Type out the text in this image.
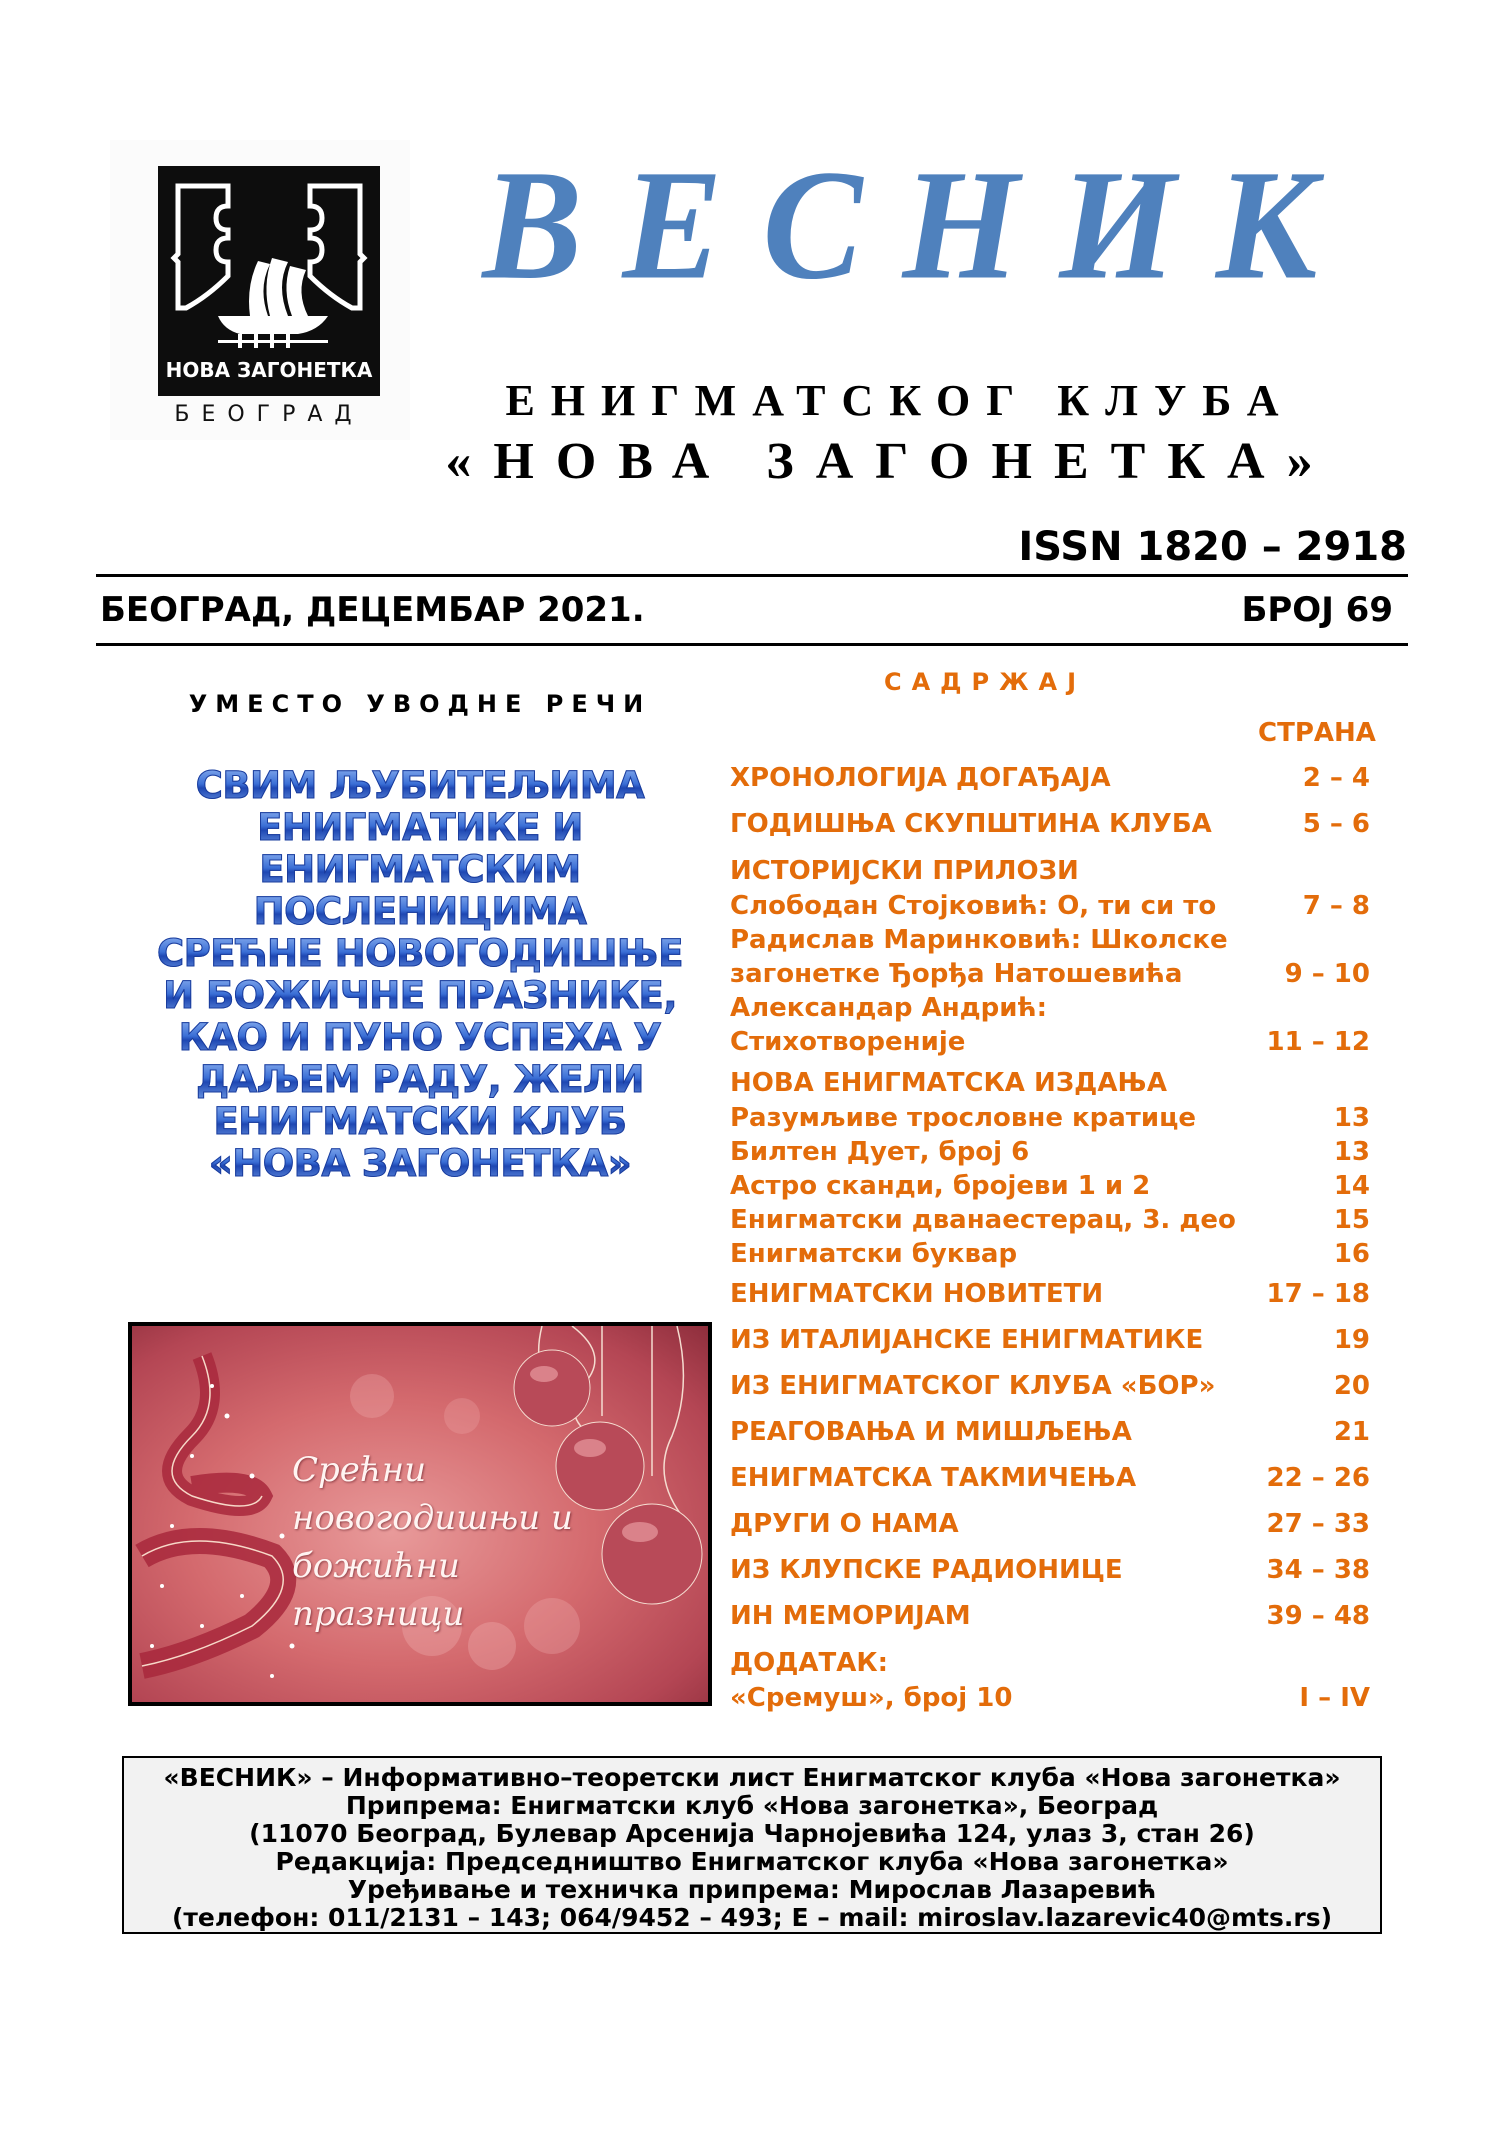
НОВА ЗАГОНЕТКА
БЕОГРАД
ВЕСНИК
ЕНИГМАТСКОГ КЛУБА
«НОВА ЗАГОНЕТКА»
ISSN 1820 – 2918
БЕОГРАД, ДЕЦЕМБАР 2021.	БРОЈ 69
УМЕСТО УВОДНЕ РЕЧИ
СВИМ ЉУБИТЕЉИМА
ЕНИГМАТИКЕ И
ЕНИГМАТСКИМ
ПОСЛЕНИЦИМА
СРЕЋНЕ НОВОГОДИШЊЕ
И БОЖИЧНЕ ПРАЗНИКЕ,
КАО И ПУНО УСПЕХА У
ДАЉЕМ РАДУ, ЖЕЛИ
ЕНИГМАТСКИ КЛУБ
«НОВА ЗАГОНЕТКА»
Срећни
новогодишњи и
божићни празници
САДРЖАЈ
СТРАНА
ХРОНОЛОГИЈА ДОГАЂАЈА	2 – 4
ГОДИШЊА СКУПШТИНА КЛУБА	5 – 6
ИСТОРИЈСКИ ПРИЛОЗИ
Слободан Стојковић: О, ти си то	7 – 8
Радислав Маринковић: Школске
загонетке Ђорђа Натошевића	9 – 10
Александар Андрић:
Стихотвореније	11 – 12
НОВА ЕНИГМАТСКА ИЗДАЊА
Разумљиве трословне кратице	13
Билтен Дует, број 6	13
Астро сканди, бројеви 1 и 2	14
Енигматски дванаестерац, 3. део	15
Енигматски буквар	16
ЕНИГМАТСКИ НОВИТЕТИ	17 – 18
ИЗ ИТАЛИЈАНСКЕ ЕНИГМАТИКЕ	19
ИЗ ЕНИГМАТСКОГ КЛУБА «БОР»	20
РЕАГОВАЊА И МИШЉЕЊА	21
ЕНИГМАТСКА ТАКМИЧЕЊА	22 – 26
ДРУГИ О НАМА	27 – 33
ИЗ КЛУПСКЕ РАДИОНИЦЕ	34 – 38
ИН МЕМОРИЈАМ	39 – 48
ДОДАТАК:
«Сремуш», број 10	I – IV
«ВЕСНИК» – Информативно–теоретски лист Енигматског клуба «Нова загонетка»
Припрема: Енигматски клуб «Нова загонетка», Београд
(11070 Београд, Булевар Арсенија Чарнојевића 124, улаз 3, стан 26)
Редакција: Председништво Енигматског клуба «Нова загонетка»
Уређивање и техничка припрема: Мирослав Лазаревић
(телефон: 011/2131 – 143; 064/9452 – 493; Е – mail: miroslav.lazarevic40@mts.rs)
